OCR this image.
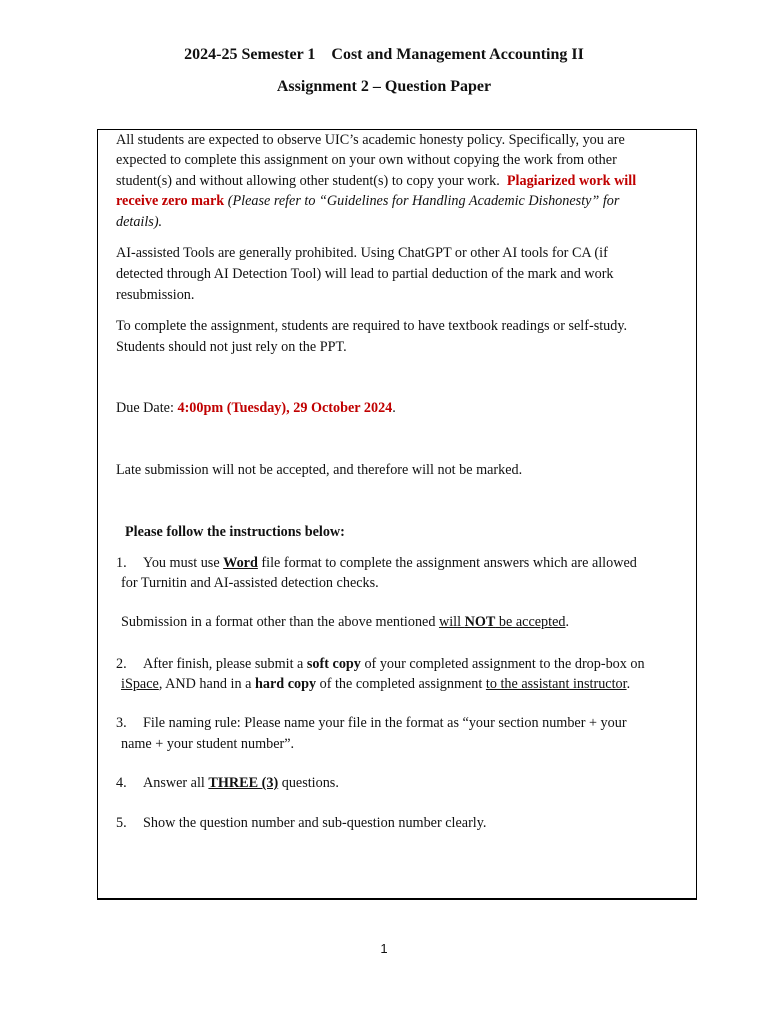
2024-25 Semester 1    Cost and Management Accounting II
Assignment 2 – Question Paper
All students are expected to observe UIC’s academic honesty policy. Specifically, you are
expected to complete this assignment on your own without copying the work from other
student(s) and without allowing other student(s) to copy your work.  Plagiarized work will
receive zero mark (Please refer to “Guidelines for Handling Academic Dishonesty” for
details).
AI-assisted Tools are generally prohibited. Using ChatGPT or other AI tools for CA (if
detected through AI Detection Tool) will lead to partial deduction of the mark and work
resubmission.
To complete the assignment, students are required to have textbook readings or self-study.
Students should not just rely on the PPT.
Due Date: 4:00pm (Tuesday), 29 October 2024.
Late submission will not be accepted, and therefore will not be marked.
Please follow the instructions below:
1. You must use Word file format to complete the assignment answers which are allowed
for Turnitin and AI-assisted detection checks.
Submission in a format other than the above mentioned will NOT be accepted.
2. After finish, please submit a soft copy of your completed assignment to the drop-box on
iSpace, AND hand in a hard copy of the completed assignment to the assistant instructor.
3. File naming rule: Please name your file in the format as “your section number + your
name + your student number”.
4. Answer all THREE (3) questions.
5. Show the question number and sub-question number clearly.
1
